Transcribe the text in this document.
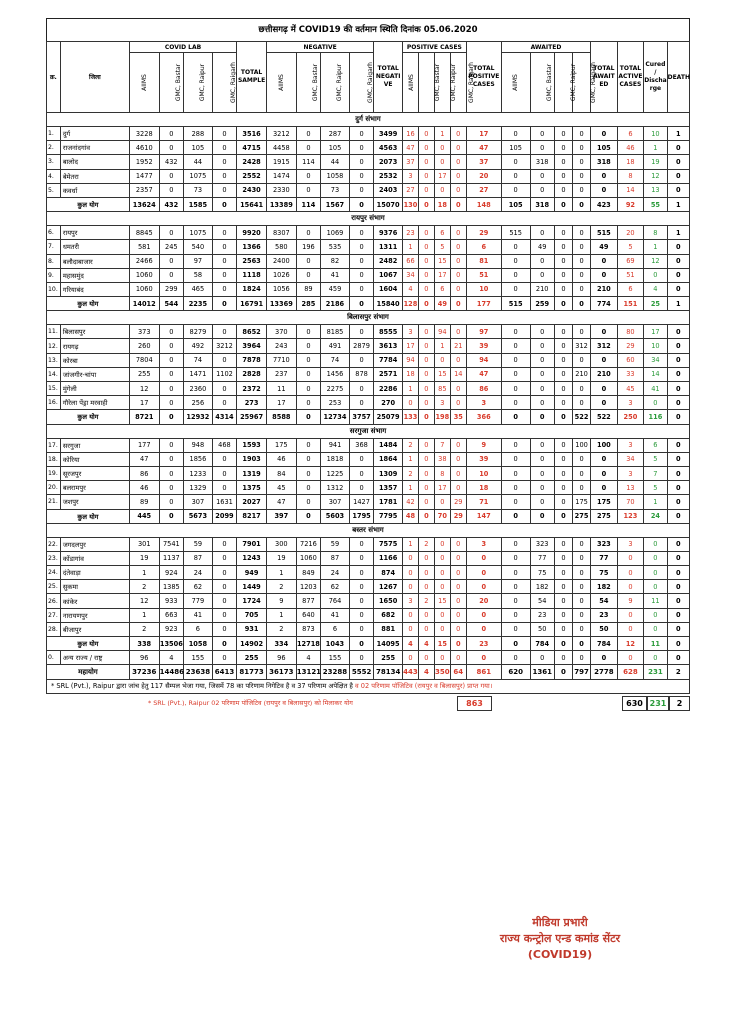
छत्तीसगढ़ में COVID19 की वर्तमान स्थिति दिनांक 05.06.2020
क्र.	जिला	COVID LAB				TOTAL SAMPLE	NEGATIVE				TOTAL NEGATI VE	POSITIVE CASES				TOTAL POSITIVE CASES	AWAITED				TOTAL AWAIT ED	TOTAL ACTIVE CASES	Cured / Discha rge	DEATH
		AIIMS	GMC, Bastar	GMC, Raipur	GMC, Raigarh		AIIMS	GMC, Bastar	GMC, Raipur	GMC, Raigarh		AIIMS	GMC, Bastar	GMC, Raipur	GMC, Raigarh		AIIMS	GMC, Bastar	GMC, Raipur	GMC, Raigarh				
दुर्ग संभाग																								
1.	दुर्ग	3228	0	288	0	3516	3212	0	287	0	3499	16	0	1	0	17	0	0	0	0	0	6	10	1
2.	राजनांदगांव	4610	0	105	0	4715	4458	0	105	0	4563	47	0	0	0	47	105	0	0	0	105	46	1	0
3.	बालोद	1952	432	44	0	2428	1915	114	44	0	2073	37	0	0	0	37	0	318	0	0	318	18	19	0
4.	बेमेतरा	1477	0	1075	0	2552	1474	0	1058	0	2532	3	0	17	0	20	0	0	0	0	0	8	12	0
5.	कवर्धा	2357	0	73	0	2430	2330	0	73	0	2403	27	0	0	0	27	0	0	0	0	0	14	13	0
कुल योग		13624	432	1585	0	15641	13389	114	1567	0	15070	130	0	18	0	148	105	318	0	0	423	92	55	1
रायपुर संभाग																								
6.	रायपुर	8845	0	1075	0	9920	8307	0	1069	0	9376	23	0	6	0	29	515	0	0	0	515	20	8	1
7.	धमतरी	581	245	540	0	1366	580	196	535	0	1311	1	0	5	0	6	0	49	0	0	49	5	1	0
8.	बलौदाबाजार	2466	0	97	0	2563	2400	0	82	0	2482	66	0	15	0	81	0	0	0	0	0	69	12	0
9.	महासमुंद	1060	0	58	0	1118	1026	0	41	0	1067	34	0	17	0	51	0	0	0	0	0	51	0	0
10.	गरियाबंद	1060	299	465	0	1824	1056	89	459	0	1604	4	0	6	0	10	0	210	0	0	210	6	4	0
कुल योग		14012	544	2235	0	16791	13369	285	2186	0	15840	128	0	49	0	177	515	259	0	0	774	151	25	1
बिलासपुर संभाग																								
11.	बिलासपुर	373	0	8279	0	8652	370	0	8185	0	8555	3	0	94	0	97	0	0	0	0	0	80	17	0
12.	रायगढ़	260	0	492	3212	3964	243	0	491	2879	3613	17	0	1	21	39	0	0	0	312	312	29	10	0
13.	कोरबा	7804	0	74	0	7878	7710	0	74	0	7784	94	0	0	0	94	0	0	0	0	0	60	34	0
14.	जांजगीर-चांपा	255	0	1471	1102	2828	237	0	1456	878	2571	18	0	15	14	47	0	0	0	210	210	33	14	0
15.	मुंगेली	12	0	2360	0	2372	11	0	2275	0	2286	1	0	85	0	86	0	0	0	0	0	45	41	0
16.	गौरेला पेंड्रा मरवाही	17	0	256	0	273	17	0	253	0	270	0	0	3	0	3	0	0	0	0	0	3	0	0
कुल योग		8721	0	12932	4314	25967	8588	0	12734	3757	25079	133	0	198	35	366	0	0	0	522	522	250	116	0
सरगुजा संभाग																								
17.	सरगुजा	177	0	948	468	1593	175	0	941	368	1484	2	0	7	0	9	0	0	0	100	100	3	6	0
18.	कोरिया	47	0	1856	0	1903	46	0	1818	0	1864	1	0	38	0	39	0	0	0	0	0	34	5	0
19.	सूरजपुर	86	0	1233	0	1319	84	0	1225	0	1309	2	0	8	0	10	0	0	0	0	0	3	7	0
20.	बलरामपुर	46	0	1329	0	1375	45	0	1312	0	1357	1	0	17	0	18	0	0	0	0	0	13	5	0
21.	जशपुर	89	0	307	1631	2027	47	0	307	1427	1781	42	0	0	29	71	0	0	0	175	175	70	1	0
कुल योग		445	0	5673	2099	8217	397	0	5603	1795	7795	48	0	70	29	147	0	0	0	275	275	123	24	0
बस्तर संभाग																								
22.	जगदलपुर	301	7541	59	0	7901	300	7216	59	0	7575	1	2	0	0	3	0	323	0	0	323	3	0	0
23.	कोंडागांव	19	1137	87	0	1243	19	1060	87	0	1166	0	0	0	0	0	0	77	0	0	77	0	0	0
24.	दंतेवाड़ा	1	924	24	0	949	1	849	24	0	874	0	0	0	0	0	0	75	0	0	75	0	0	0
25.	सुकमा	2	1385	62	0	1449	2	1203	62	0	1267	0	0	0	0	0	0	182	0	0	182	0	0	0
26.	कांकेर	12	933	779	0	1724	9	877	764	0	1650	3	2	15	0	20	0	54	0	0	54	9	11	0
27.	नारायणपुर	1	663	41	0	705	1	640	41	0	682	0	0	0	0	0	0	23	0	0	23	0	0	0
28.	बीजापुर	2	923	6	0	931	2	873	6	0	881	0	0	0	0	0	0	50	0	0	50	0	0	0
कुल योग		338	13506	1058	0	14902	334	12718	1043	0	14095	4	4	15	0	23	0	784	0	0	784	12	11	0
0.	अन्य राज्य / राष्ट्र	96	4	155	0	255	96	4	155	0	255	0	0	0	0	0	0	0	0	0	0	0	0	0
महायोग		37236	14486	23638	6413	81773	36173	13121	23288	5552	78134	443	4	350	64	861	620	1361	0	797	2778	628	231	2
* SRL (Pvt.), Raipur द्वारा जांच हेतु 117 सैम्पल भेजा गया, जिसमें 78 का परिणाम निगेटिव है व 37 परिणाम अपेक्षित है व 02 परिणाम पॉजिटिव (रायपुर व बिलासपुर) प्राप्त गया।
* SRL (Pvt.), Raipur 02 परिणाम पॉजिटिव (रायपुर व बिलासपुर) को मिलाकर योग	863	630 231	2
मीडिया प्रभारी
राज्य कन्ट्रोल एन्ड कमांड सेंटर
(COVID19)
